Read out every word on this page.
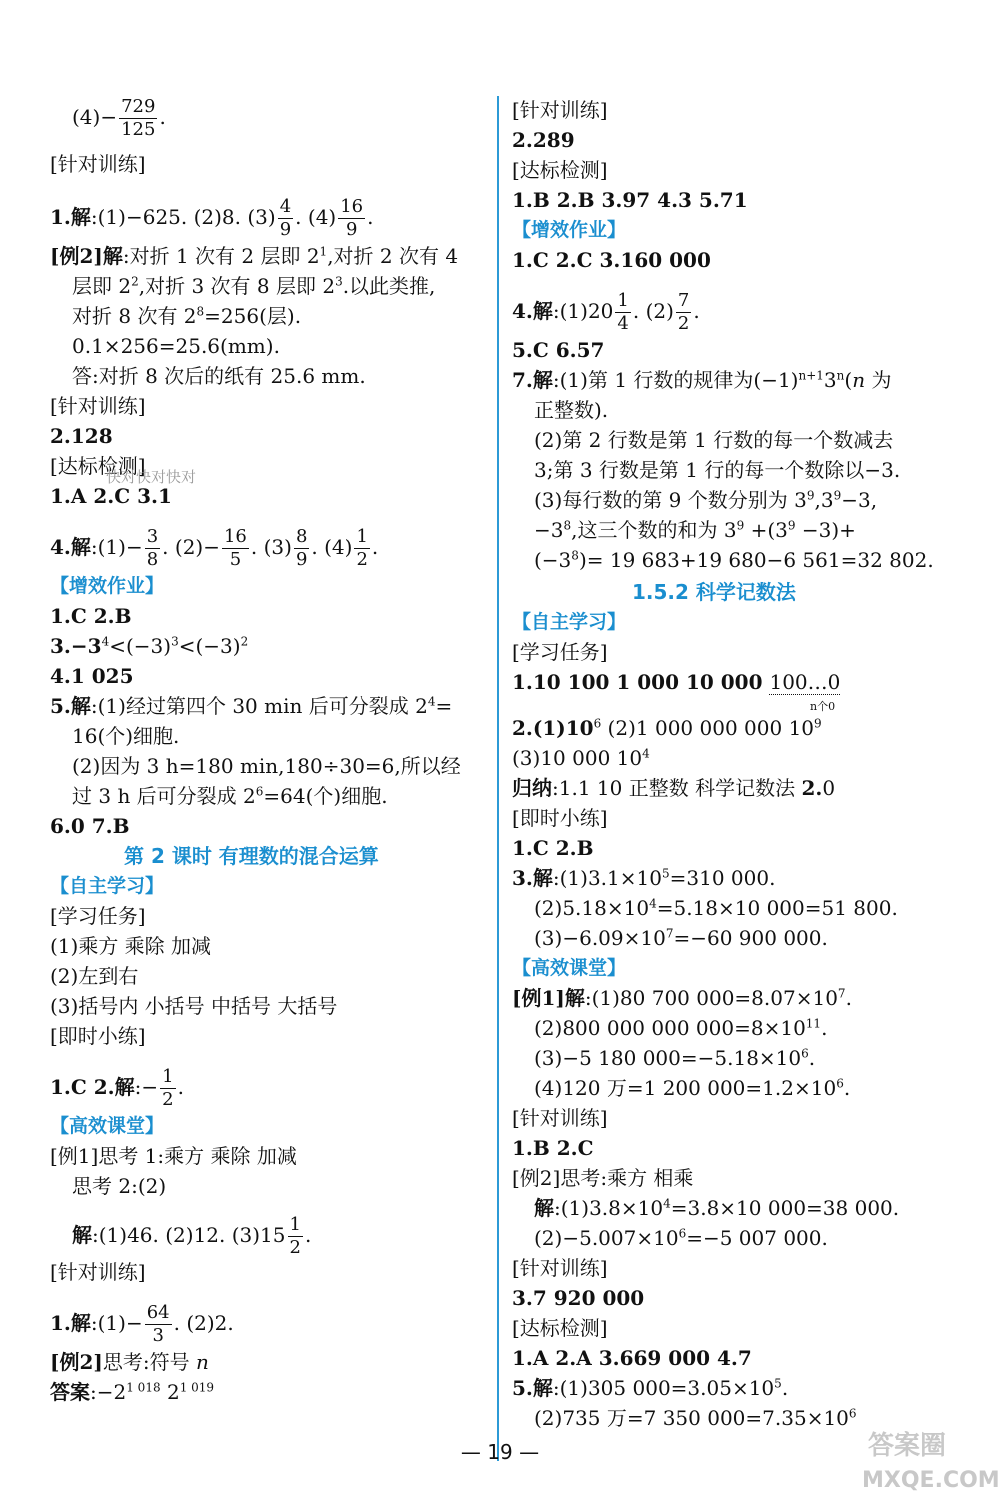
$(4)- \frac{729}{125}$ .
[针对训练]
1.解:(1)−625. (2)8. $(3) \frac{4}{9}$ . $(4) \frac{16}{9}$ .
[例2]解:对折 1 次有 2 层即 $2^1$,对折 2 次有 4
层即 $2^2$,对折 3 次有 8 层即 $2^3$.以此类推,
对折 8 次有 $2^8=256$(层).
0.1×256=25.6(mm).
答:对折 8 次后的纸有 25.6 mm.
[针对训练]
2.128
[达标检测]
快对快对快对
1.A 2.C 3.1
4.解:(1)− $\frac{3}{8}$ . $(2)- \frac{16}{5}$ . $(3) \frac{8}{9}$ . $(4) \frac{1}{2}$ .
【增效作业】
1.C 2.B
$3.-3^4<(-3)^3<(-3)^2$
4.1 025
5.解:(1)经过第四个 30 min 后可分裂成 $2^4=$
16(个)细胞.
(2)因为 3 h=180 min,180÷30=6,所以经
过 3 h 后可分裂成 $2^6=64$(个)细胞.
6.0 7.B
第 2 课时 有理数的混合运算
【自主学习】
[学习任务]
(1)乘方 乘除 加减
(2)左到右
(3)括号内 小括号 中括号 大括号
[即时小练]
1.C 2.解:− $\frac{1}{2}$ .
【高效课堂】
[例1]思考 1:乘方 乘除 加减
思考 2:(2)
解:(1)46. (2)12. $(3)15 \frac{1}{2}$ .
[针对训练]
1.解:(1)− $\frac{64}{3}$ . (2)2.
[例2]思考:符号 n
答案$:-2^{1 018}$ $2^{1 019}$
[针对训练]
2.289
[达标检测]
1.B 2.B 3.97 4.3 5.71
【增效作业】
1.C 2.C 3.160 000
4.解:(1)20 $\frac{1}{4}$ . $(2) \frac{7}{2}$ .
5.C 6.57
7.解:(1)第 1 行数的规律为$(-1)^{n+1}3^n(n$ 为
正整数).
(2)第 2 行数是第 1 行数的每一个数减去
3;第 3 行数是第 1 行的每一个数除以−3.
(3)每行数的第 9 个数分别为 $3^9,3^9-3$,
$-3^8$,这三个数的和为 $3^9 +(3^9 -3)+$
$(-3^8)= 19$ 683+19 680−6 561=32 802.
1.5.2 科学记数法
【自主学习】
[学习任务]
1.10 100 1 000 10 000 100…0
n个0
$2.(1)10^6$ (2)1 000 000 000 $10^9$
(3)10 000 $10^4$
归纳:1.1 10 正整数 科学记数法 2.0
[即时小练]
1.C 2.B
3.解$:(1)3.1\times 10^5=310$ 000.
$(2)5.18\times 10^4=5.18\times 10$ 000=51 800.
$(3)-6.09\times 10^7=-60$ 900 000.
【高效课堂】
[例1]解:(1)80 700 $000=8.07\times 10^7$.
(2)800 000 000 $000=8\times 10^{11}$.
(3)−5 180 $000=-5.18\times 10^6$.
(4)120 万=1 200 $000=1.2\times 10^6$.
[针对训练]
1.B 2.C
[例2]思考:乘方 相乘
解$:(1)3.8\times 10^4=3.8\times 10$ 000=38 000.
$(2)-5.007\times 10^6=-5$ 007 000.
[针对训练]
3.7 920 000
[达标检测]
1.A 2.A 3.669 000 4.7
5.解:(1)305 $000=3.05\times 10^5$.
(2)735 万=7 350 $000=7.35\times 10^6$
— 19 —	答案圈
MXQE.COM
